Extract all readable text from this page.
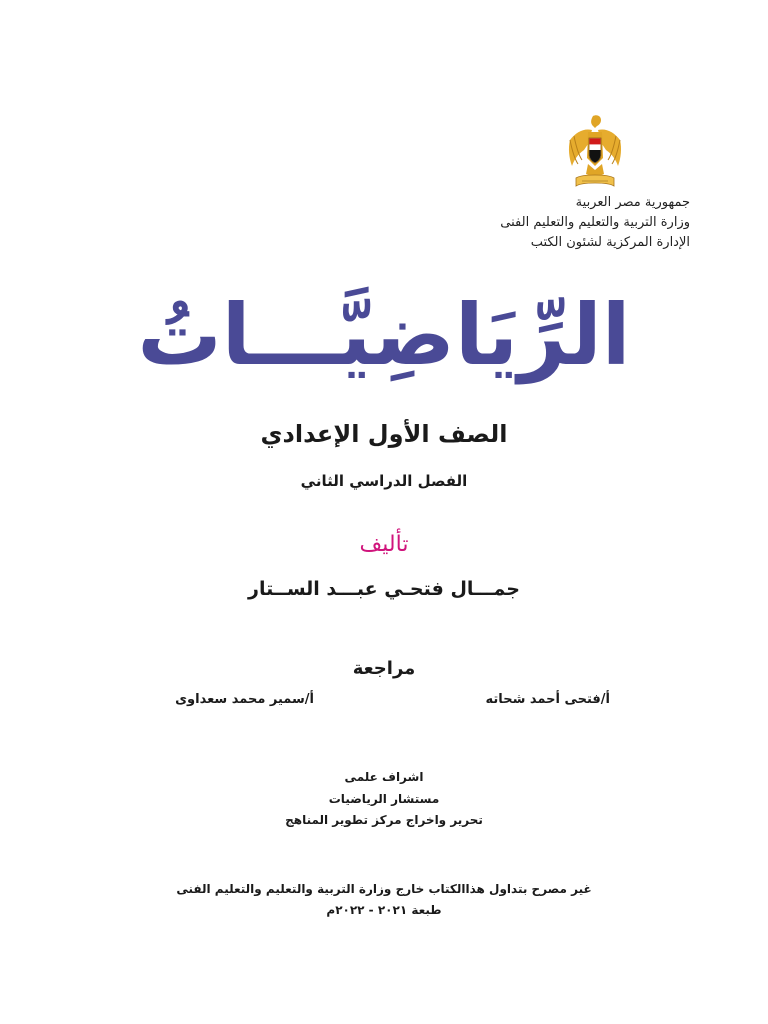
جمهورية مصر العربية
وزارة التربية والتعليم والتعليم الفنى
الإدارة المركزية لشئون الكتب
الرِّيَاضِيَّـــاتُ
الصف الأول الإعدادي
الفصل الدراسي الثاني
تأليف
جمـــال فتحـي عبـــد الســتار
مراجعة
أ/فتحى أحمد شحاته
أ/سمير محمد سعداوى
اشراف علمى
مستشار الرياضيات
تحرير واخراج مركز تطوير المناهج
غير مصرح بتداول هذاالكتاب خارج وزارة التربية والتعليم والتعليم الفنى
طبعة ٢٠٢١ - ٢٠٢٢م
